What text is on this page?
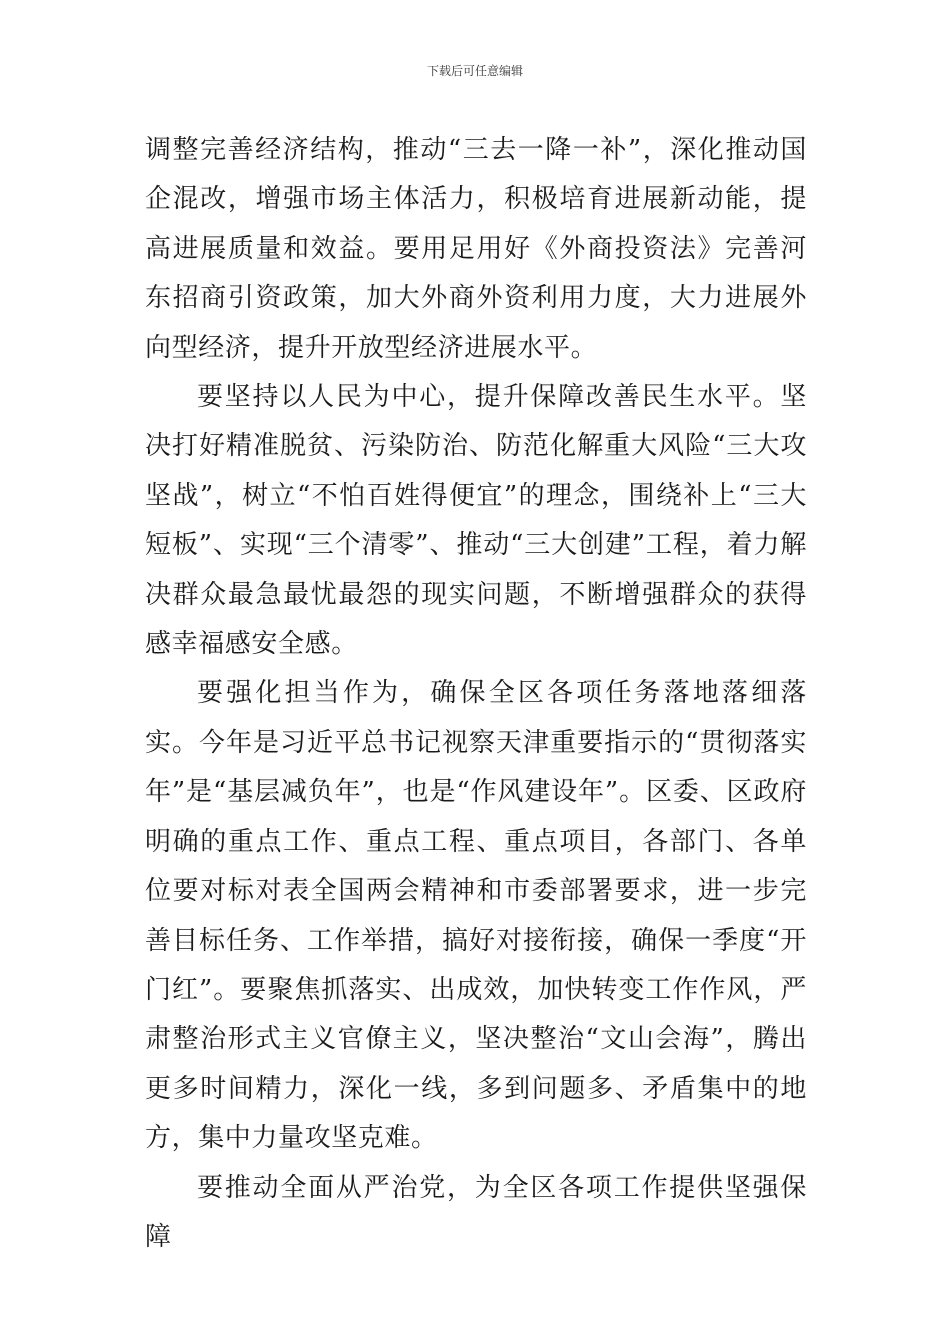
下载后可任意编辑

调整完善经济结构，推动“三去一降一补”，深化推动国企混改，增强市场主体活力，积极培育进展新动能，提高进展质量和效益。要用足用好《外商投资法》完善河东招商引资政策，加大外商外资利用力度，大力进展外向型经济，提升开放型经济进展水平。

要坚持以人民为中心，提升保障改善民生水平。坚决打好精准脱贫、污染防治、防范化解重大风险“三大攻坚战”，树立“不怕百姓得便宜”的理念，围绕补上“三大短板”、实现“三个清零”、推动“三大创建”工程，着力解决群众最急最忧最怨的现实问题，不断增强群众的获得感幸福感安全感。

要强化担当作为，确保全区各项任务落地落细落实。今年是习近平总书记视察天津重要指示的“贯彻落实年”是“基层减负年”，也是“作风建设年”。区委、区政府明确的重点工作、重点工程、重点项目，各部门、各单位要对标对表全国两会精神和市委部署要求，进一步完善目标任务、工作举措，搞好对接衔接，确保一季度“开门红”。要聚焦抓落实、出成效，加快转变工作作风，严肃整治形式主义官僚主义，坚决整治“文山会海”，腾出更多时间精力，深化一线，多到问题多、矛盾集中的地方，集中力量攻坚克难。

要推动全面从严治党，为全区各项工作提供坚强保障
